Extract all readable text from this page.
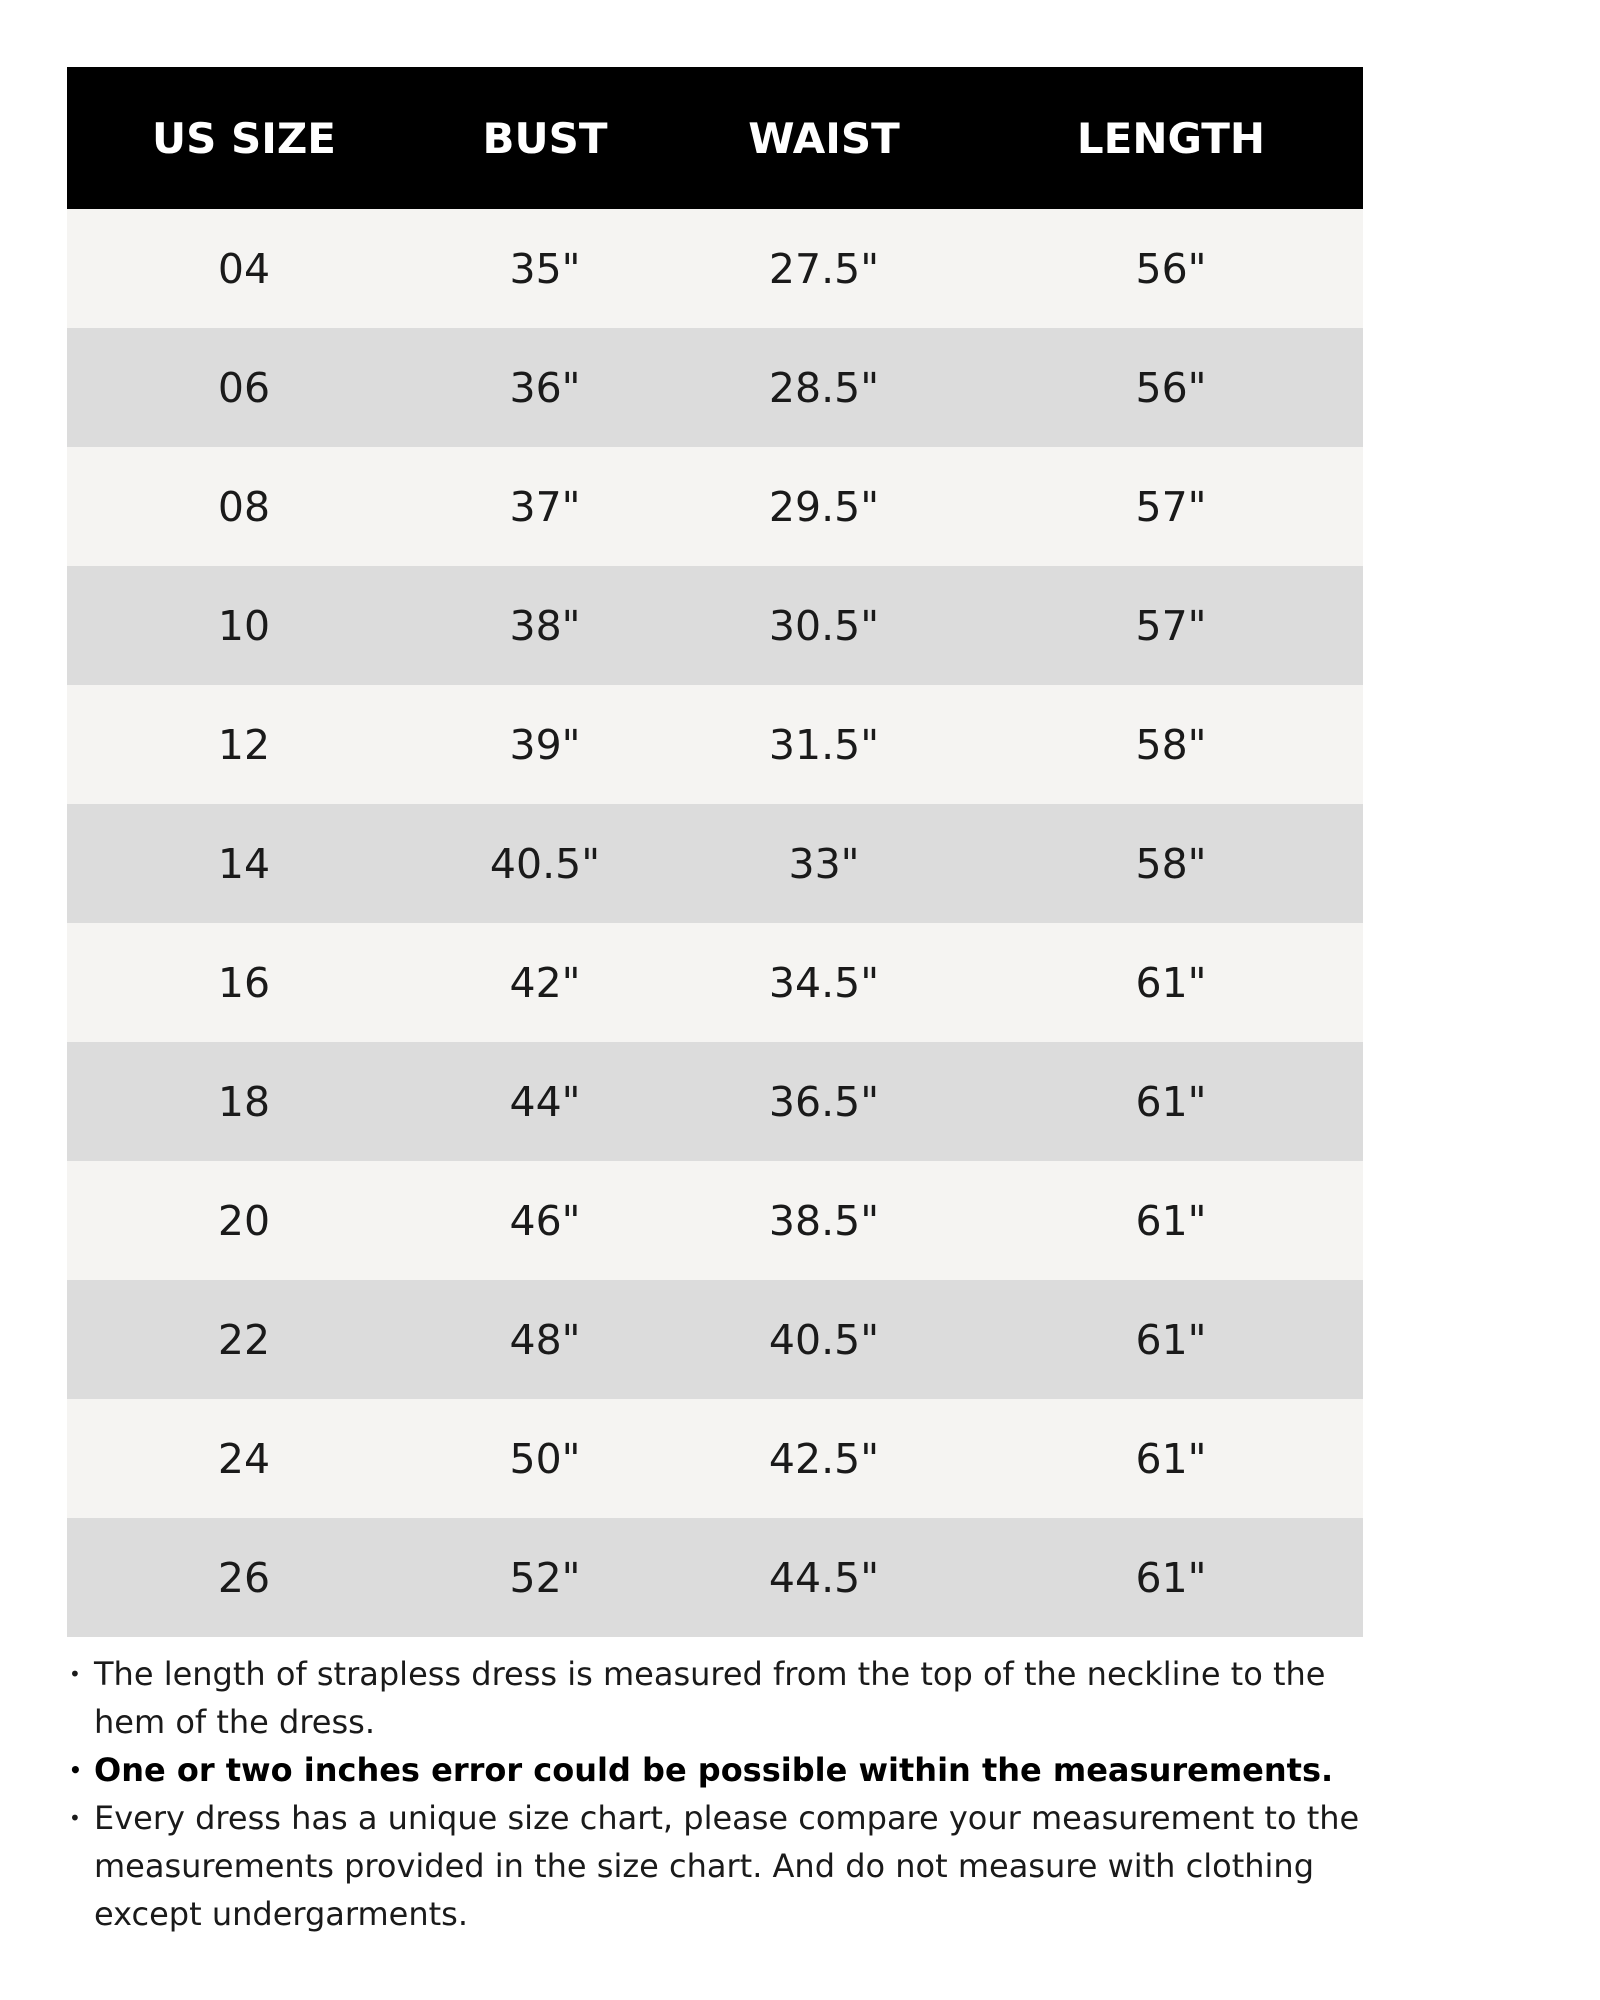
US SIZE	BUST	WAIST	LENGTH
04	35"	27.5"	56"
06	36"	28.5"	56"
08	37"	29.5"	57"
10	38"	30.5"	57"
12	39"	31.5"	58"
14	40.5"	33"	58"
16	42"	34.5"	61"
18	44"	36.5"	61"
20	46"	38.5"	61"
22	48"	40.5"	61"
24	50"	42.5"	61"
26	52"	44.5"	61"
• The length of strapless dress is measured from the top of the neckline to the hem of the dress.
• One or two inches error could be possible within the measurements.
• Every dress has a unique size chart, please compare your measurement to the measurements provided in the size chart. And do not measure with clothing except undergarments.
